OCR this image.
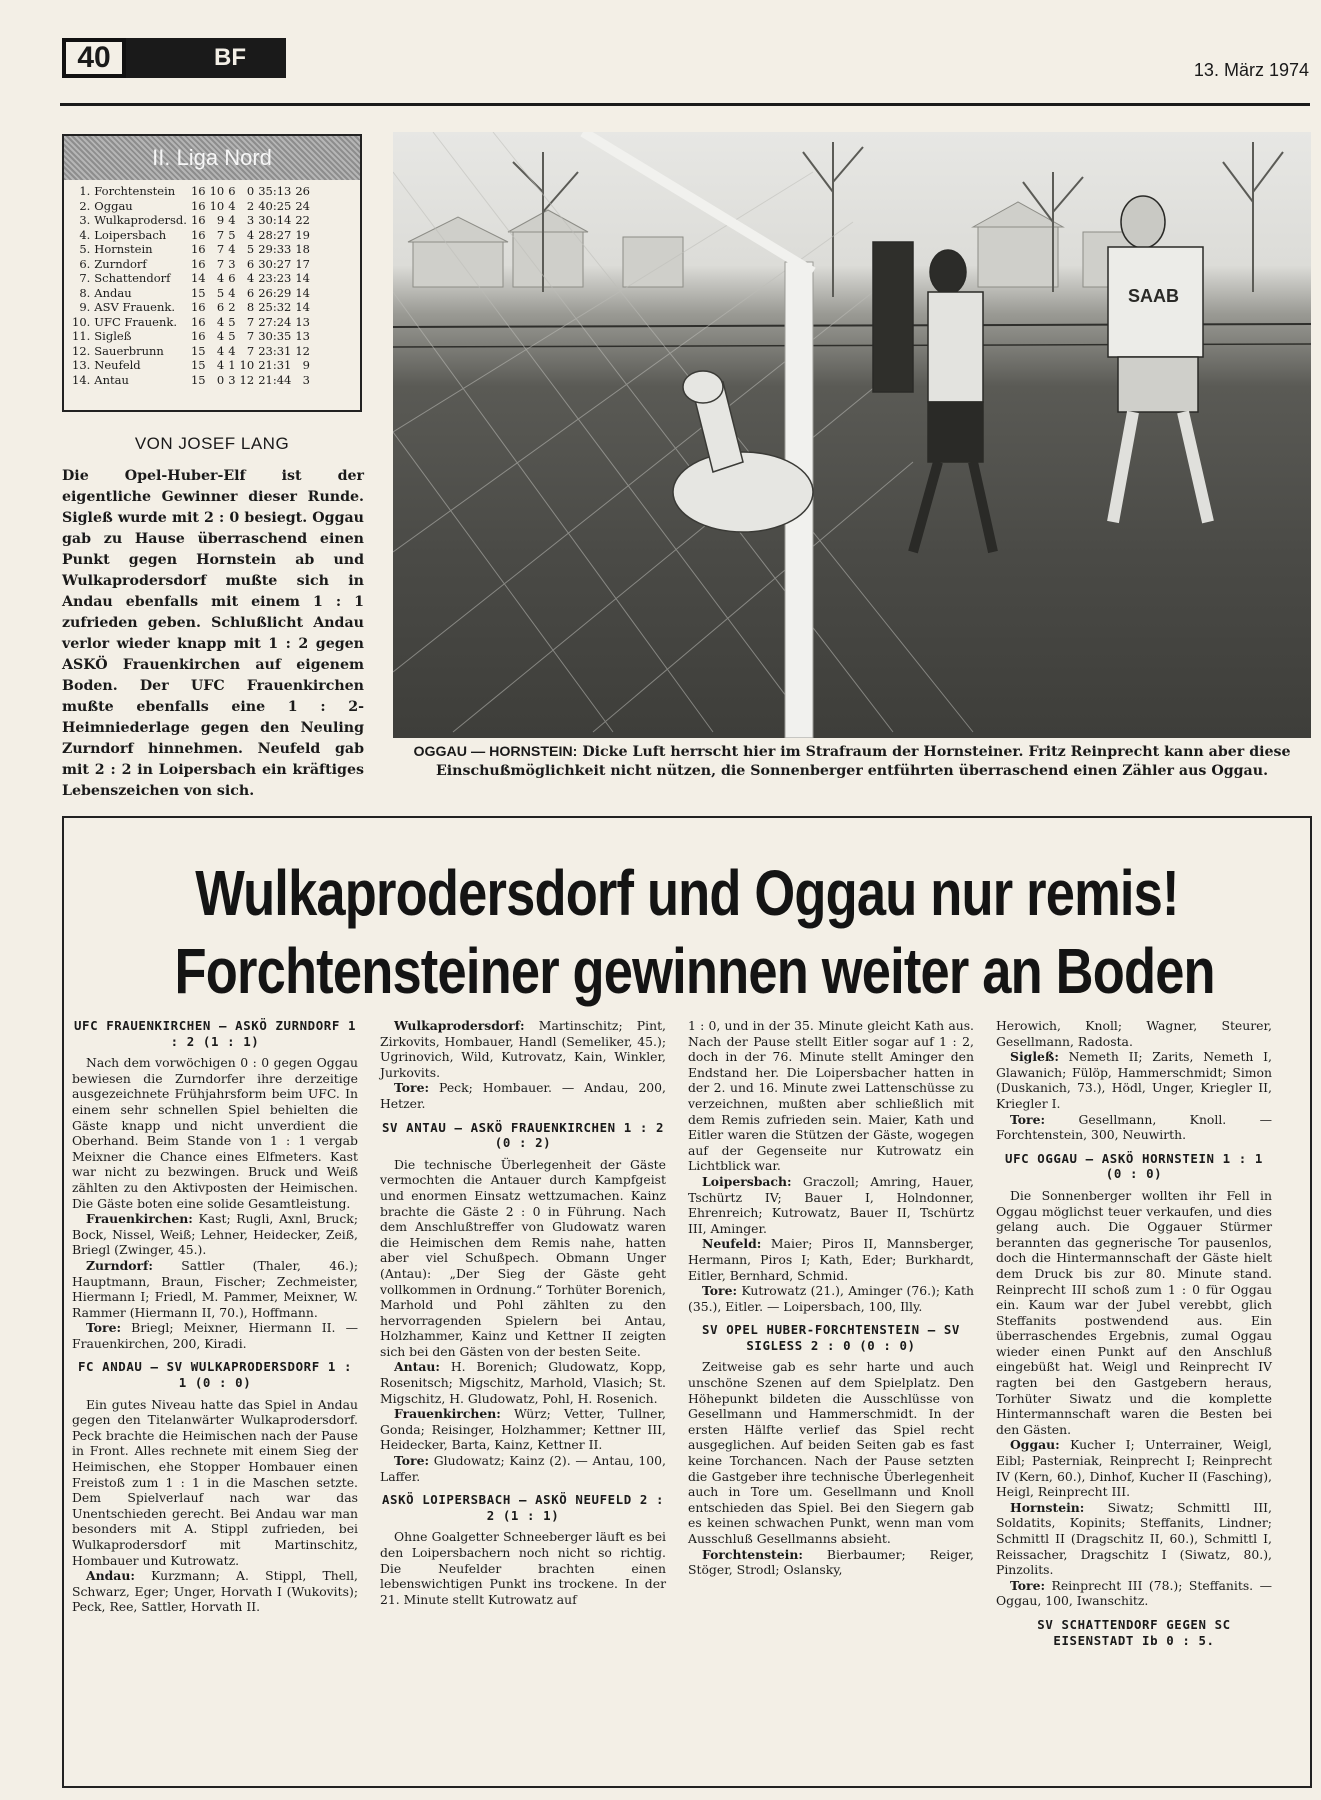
40	BF	13. März 1974
II. Liga Nord
1.	Forchtenstein	16	10	6	0	35:13	26
2.	Oggau	16	10	4	2	40:25	24
3.	Wulkaprodersd.	16	9	4	3	30:14	22
4.	Loipersbach	16	7	5	4	28:27	19
5.	Hornstein	16	7	4	5	29:33	18
6.	Zurndorf	16	7	3	6	30:27	17
7.	Schattendorf	14	4	6	4	23:23	14
8.	Andau	15	5	4	6	26:29	14
9.	ASV Frauenk.	16	6	2	8	25:32	14
10.	UFC Frauenk.	16	4	5	7	27:24	13
11.	Sigleß	16	4	5	7	30:35	13
12.	Sauerbrunn	15	4	4	7	23:31	12
13.	Neufeld	15	4	1	10	21:31	9
14.	Antau	15	0	3	12	21:44	3
VON JOSEF LANG
Die Opel-Huber-Elf ist der eigentliche Gewinner dieser Runde. Sigleß wurde mit 2 : 0 besiegt. Oggau gab zu Hause überraschend einen Punkt gegen Hornstein ab und Wulkaprodersdorf mußte sich in Andau ebenfalls mit einem 1 : 1 zufrieden geben. Schlußlicht Andau verlor wieder knapp mit 1 : 2 gegen ASKÖ Frauenkirchen auf eigenem Boden. Der UFC Frauenkirchen mußte ebenfalls eine 1 : 2-Heimniederlage gegen den Neuling Zurndorf hinnehmen. Neufeld gab mit 2 : 2 in Loipersbach ein kräftiges Lebenszeichen von sich.
SAAB
OGGAU — HORNSTEIN: Dicke Luft herrscht hier im Strafraum der Hornsteiner. Fritz Reinprecht kann aber diese Einschußmöglichkeit nicht nützen, die Sonnenberger entführten überraschend einen Zähler aus Oggau.
Wulkaprodersdorf und Oggau nur remis!
Forchtensteiner gewinnen weiter an Boden
UFC FRAUENKIRCHEN — ASKÖ ZURNDORF 1 : 2 (1 : 1)

Nach dem vorwöchigen 0 : 0 gegen Oggau bewiesen die Zurndorfer ihre derzeitige ausgezeichnete Frühjahrsform beim UFC. In einem sehr schnellen Spiel behielten die Gäste knapp und nicht unverdient die Oberhand. Beim Stande von 1 : 1 vergab Meixner die Chance eines Elfmeters. Kast war nicht zu bezwingen. Bruck und Weiß zählten zu den Aktivposten der Heimischen. Die Gäste boten eine solide Gesamtleistung.

Frauenkirchen: Kast; Rugli, Axnl, Bruck; Bock, Nissel, Weiß; Lehner, Heidecker, Zeiß, Briegl (Zwinger, 45.).

Zurndorf: Sattler (Thaler, 46.); Hauptmann, Braun, Fischer; Zechmeister, Hiermann I; Friedl, M. Pammer, Meixner, W. Rammer (Hiermann II, 70.), Hoffmann.

Tore: Briegl; Meixner, Hiermann II. — Frauenkirchen, 200, Kiradi.

FC ANDAU — SV WULKAPRODERSDORF 1 : 1 (0 : 0)

Ein gutes Niveau hatte das Spiel in Andau gegen den Titelanwärter Wulkaprodersdorf. Peck brachte die Heimischen nach der Pause in Front. Alles rechnete mit einem Sieg der Heimischen, ehe Stopper Hombauer einen Freistoß zum 1 : 1 in die Maschen setzte. Dem Spielverlauf nach war das Unentschieden gerecht. Bei Andau war man besonders mit A. Stippl zufrieden, bei Wulkaprodersdorf mit Martinschitz, Hombauer und Kutrowatz.

Andau: Kurzmann; A. Stippl, Thell, Schwarz, Eger; Unger, Horvath I (Wukovits); Peck, Ree, Sattler, Horvath II.

Wulkaprodersdorf: Martinschitz; Pint, Zirkovits, Hombauer, Handl (Semeliker, 45.); Ugrinovich, Wild, Kutrovatz, Kain, Winkler, Jurkovits.

Tore: Peck; Hombauer. — Andau, 200, Hetzer.

SV ANTAU — ASKÖ FRAUENKIRCHEN 1 : 2 (0 : 2)

Die technische Überlegenheit der Gäste vermochten die Antauer durch Kampfgeist und enormen Einsatz wettzumachen. Kainz brachte die Gäste 2 : 0 in Führung. Nach dem Anschlußtreffer von Gludowatz waren die Heimischen dem Remis nahe, hatten aber viel Schußpech. Obmann Unger (Antau): „Der Sieg der Gäste geht vollkommen in Ordnung.“ Torhüter Borenich, Marhold und Pohl zählten zu den hervorragenden Spielern bei Antau, Holzhammer, Kainz und Kettner II zeigten sich bei den Gästen von der besten Seite.

Antau: H. Borenich; Gludowatz, Kopp, Rosenitsch; Migschitz, Marhold, Vlasich; St. Migschitz, H. Gludowatz, Pohl, H. Rosenich.

Frauenkirchen: Würz; Vetter, Tullner, Gonda; Reisinger, Holzhammer; Kettner III, Heidecker, Barta, Kainz, Kettner II.

Tore: Gludowatz; Kainz (2). — Antau, 100, Laffer.

ASKÖ LOIPERSBACH — ASKÖ NEUFELD 2 : 2 (1 : 1)

Ohne Goalgetter Schneeberger läuft es bei den Loipersbachern noch nicht so richtig. Die Neufelder brachten einen lebenswichtigen Punkt ins trockene. In der 21. Minute stellt Kutrowatz auf

1 : 0, und in der 35. Minute gleicht Kath aus. Nach der Pause stellt Eitler sogar auf 1 : 2, doch in der 76. Minute stellt Aminger den Endstand her. Die Loipersbacher hatten in der 2. und 16. Minute zwei Lattenschüsse zu verzeichnen, mußten aber schließlich mit dem Remis zufrieden sein. Maier, Kath und Eitler waren die Stützen der Gäste, wogegen auf der Gegenseite nur Kutrowatz ein Lichtblick war.

Loipersbach: Graczoll; Amring, Hauer, Tschürtz IV; Bauer I, Holndonner, Ehrenreich; Kutrowatz, Bauer II, Tschürtz III, Aminger.

Neufeld: Maier; Piros II, Mannsberger, Hermann, Piros I; Kath, Eder; Burkhardt, Eitler, Bernhard, Schmid.

Tore: Kutrowatz (21.), Aminger (76.); Kath (35.), Eitler. — Loipersbach, 100, Illy.

SV OPEL HUBER-FORCHTENSTEIN — SV SIGLESS 2 : 0 (0 : 0)

Zeitweise gab es sehr harte und auch unschöne Szenen auf dem Spielplatz. Den Höhepunkt bildeten die Ausschlüsse von Gesellmann und Hammerschmidt. In der ersten Hälfte verlief das Spiel recht ausgeglichen. Auf beiden Seiten gab es fast keine Torchancen. Nach der Pause setzten die Gastgeber ihre technische Überlegenheit auch in Tore um. Gesellmann und Knoll entschieden das Spiel. Bei den Siegern gab es keinen schwachen Punkt, wenn man vom Ausschluß Gesellmanns absieht.

Forchtenstein: Bierbaumer; Reiger, Stöger, Strodl; Oslansky,

Herowich, Knoll; Wagner, Steurer, Gesellmann, Radosta.

Sigleß: Nemeth II; Zarits, Nemeth I, Glawanich; Fülöp, Hammerschmidt; Simon (Duskanich, 73.), Hödl, Unger, Kriegler II, Kriegler I.

Tore:	Gesellmann, Knoll. — Forchtenstein, 300, Neuwirth.

UFC OGGAU — ASKÖ HORNSTEIN 1 : 1 (0 : 0)

Die Sonnenberger wollten ihr Fell in Oggau möglichst teuer verkaufen, und dies gelang auch. Die Oggauer Stürmer berannten das gegnerische Tor pausenlos, doch die Hintermannschaft der Gäste hielt dem Druck bis zur 80. Minute stand. Reinprecht III schoß zum 1 : 0 für Oggau ein. Kaum war der Jubel verebbt, glich Steffanits postwendend aus. Ein überraschendes Ergebnis, zumal Oggau wieder einen Punkt auf den Anschluß eingebüßt hat. Weigl und Reinprecht IV ragten bei den Gastgebern heraus, Torhüter Siwatz und die komplette Hintermannschaft waren die Besten bei den Gästen.

Oggau: Kucher I; Unterrainer, Weigl, Eibl; Pasterniak, Reinprecht I; Reinprecht IV (Kern, 60.), Dinhof, Kucher II (Fasching), Heigl, Reinprecht III.

Hornstein: Siwatz; Schmittl III, Soldatits, Kopinits; Steffanits, Lindner; Schmittl II (Dragschitz II, 60.), Schmittl I, Reissacher, Dragschitz I (Siwatz, 80.), Pinzolits.

Tore: Reinprecht III (78.); Steffanits. — Oggau, 100, Iwanschitz.

SV SCHATTENDORF GEGEN SC EISENSTADT Ib 0 : 5.
